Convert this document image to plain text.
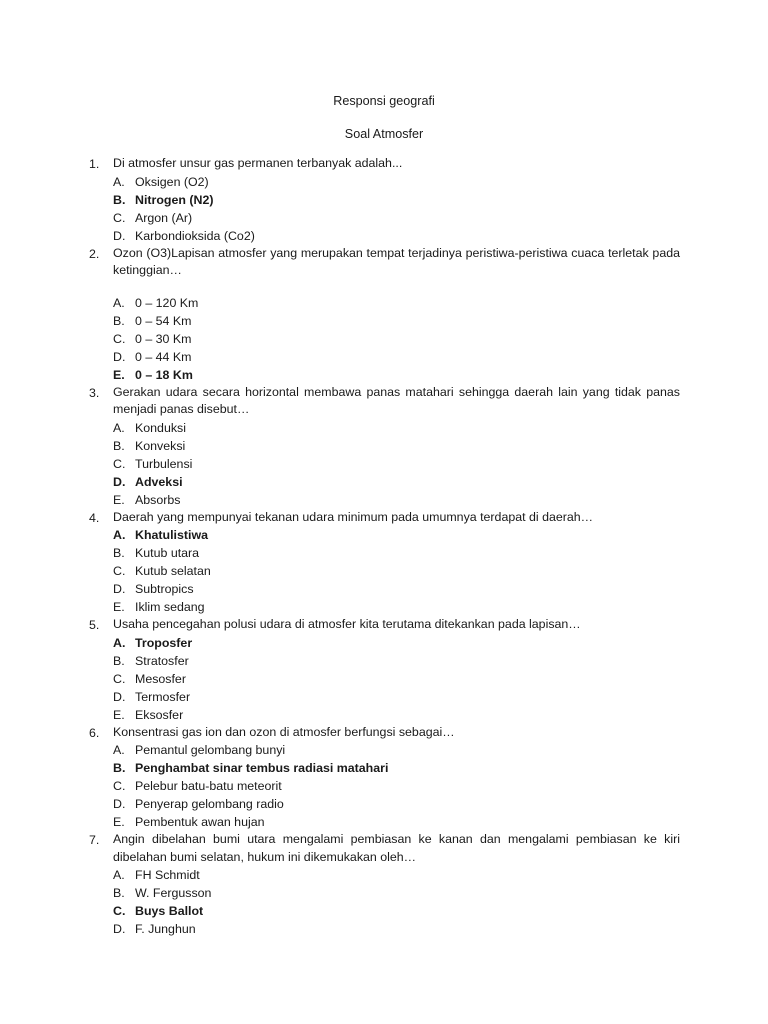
Responsi geografi
Soal Atmosfer
1. Di atmosfer unsur gas permanen terbanyak adalah...
A. Oksigen (O2)
B. Nitrogen (N2)
C. Argon (Ar)
D. Karbondioksida (Co2)
2. Ozon (O3)Lapisan atmosfer yang merupakan tempat terjadinya peristiwa-peristiwa cuaca terletak pada ketinggian…
A. 0 – 120 Km
B. 0 – 54 Km
C. 0 – 30 Km
D. 0 – 44 Km
E. 0 – 18 Km
3. Gerakan udara secara horizontal membawa panas matahari sehingga daerah lain yang tidak panas menjadi panas disebut…
A. Konduksi
B. Konveksi
C. Turbulensi
D. Adveksi
E. Absorbs
4. Daerah yang mempunyai tekanan udara minimum pada umumnya terdapat di daerah…
A. Khatulistiwa
B. Kutub utara
C. Kutub selatan
D. Subtropics
E. Iklim sedang
5. Usaha pencegahan polusi udara di atmosfer kita terutama ditekankan pada lapisan…
A. Troposfer
B. Stratosfer
C. Mesosfer
D. Termosfer
E. Eksosfer
6. Konsentrasi gas ion dan ozon di atmosfer berfungsi sebagai…
A. Pemantul gelombang bunyi
B. Penghambat sinar tembus radiasi matahari
C. Pelebur batu-batu meteorit
D. Penyerap gelombang radio
E. Pembentuk awan hujan
7. Angin dibelahan bumi utara mengalami pembiasan ke kanan dan mengalami pembiasan ke kiri dibelahan bumi selatan, hukum ini dikemukakan oleh…
A. FH Schmidt
B. W. Fergusson
C. Buys Ballot
D. F. Junghun
